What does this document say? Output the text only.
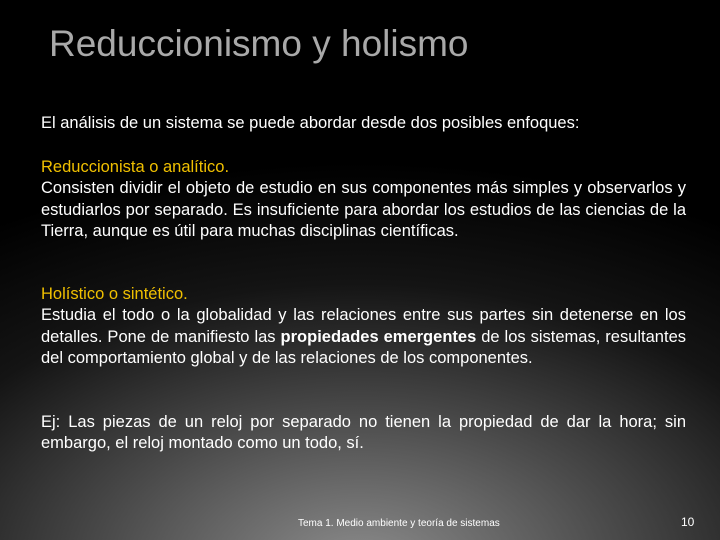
Reduccionismo y holismo

El análisis de un sistema se puede abordar desde dos posibles enfoques:

Reduccionista o analítico.

Consisten dividir el objeto de estudio en sus componentes más simples y observarlos y estudiarlos por separado. Es insuficiente para abordar los estudios de las ciencias de la Tierra, aunque es útil para muchas disciplinas científicas.

Holístico o sintético.

Estudia el todo o la globalidad y las relaciones entre sus partes sin detenerse en los detalles. Pone de manifiesto las propiedades emergentes de los sistemas, resultantes del comportamiento global y de las relaciones de los componentes.

Ej: Las piezas de un reloj por separado no tienen la propiedad de dar la hora; sin embargo, el reloj montado como un todo, sí.

Tema 1. Medio ambiente y teoría de sistemas	10
